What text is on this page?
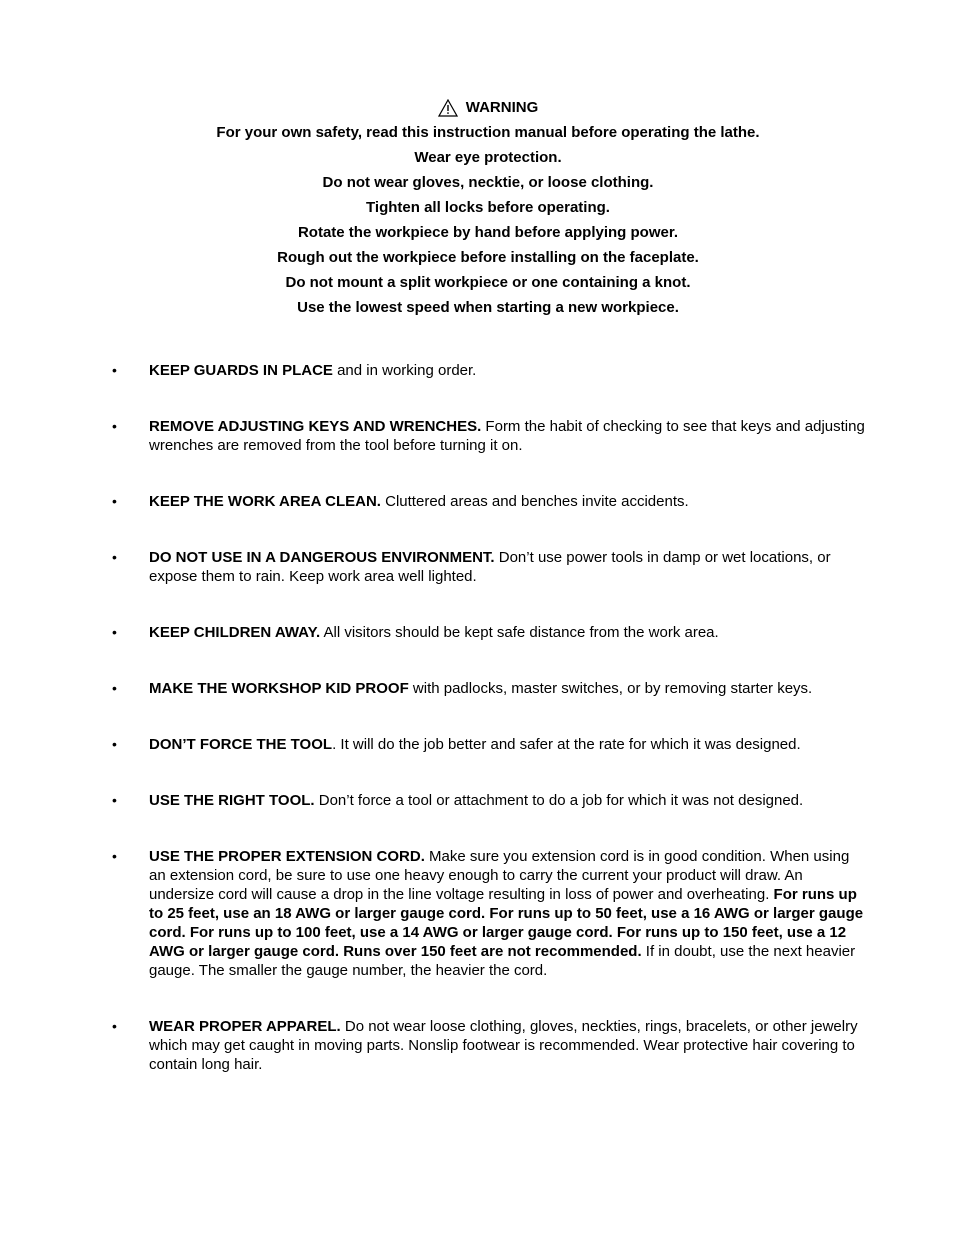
WARNING
For your own safety, read this instruction manual before operating the lathe.
Wear eye protection.
Do not wear gloves, necktie, or loose clothing.
Tighten all locks before operating.
Rotate the workpiece by hand before applying power.
Rough out the workpiece before installing on the faceplate.
Do not mount a split workpiece or one containing a knot.
Use the lowest speed when starting a new workpiece.
• KEEP GUARDS IN PLACE and in working order.
• REMOVE ADJUSTING KEYS AND WRENCHES. Form the habit of checking to see that keys and adjusting wrenches are removed from the tool before turning it on.
• KEEP THE WORK AREA CLEAN. Cluttered areas and benches invite accidents.
• DO NOT USE IN A DANGEROUS ENVIRONMENT. Don’t use power tools in damp or wet locations, or expose them to rain. Keep work area well lighted.
• KEEP CHILDREN AWAY. All visitors should be kept safe distance from the work area.
• MAKE THE WORKSHOP KID PROOF with padlocks, master switches, or by removing starter keys.
• DON’T FORCE THE TOOL. It will do the job better and safer at the rate for which it was designed.
• USE THE RIGHT TOOL. Don’t force a tool or attachment to do a job for which it was not designed.
• USE THE PROPER EXTENSION CORD. Make sure you extension cord is in good condition. When using an extension cord, be sure to use one heavy enough to carry the current your product will draw. An undersize cord will cause a drop in the line voltage resulting in loss of power and overheating. For runs up to 25 feet, use an 18 AWG or larger gauge cord. For runs up to 50 feet, use a 16 AWG or larger gauge cord. For runs up to 100 feet, use a 14 AWG or larger gauge cord. For runs up to 150 feet, use a 12 AWG or larger gauge cord. Runs over 150 feet are not recommended. If in doubt, use the next heavier gauge. The smaller the gauge number, the heavier the cord.
• WEAR PROPER APPAREL. Do not wear loose clothing, gloves, neckties, rings, bracelets, or other jewelry which may get caught in moving parts. Nonslip footwear is recommended. Wear protective hair covering to contain long hair.
